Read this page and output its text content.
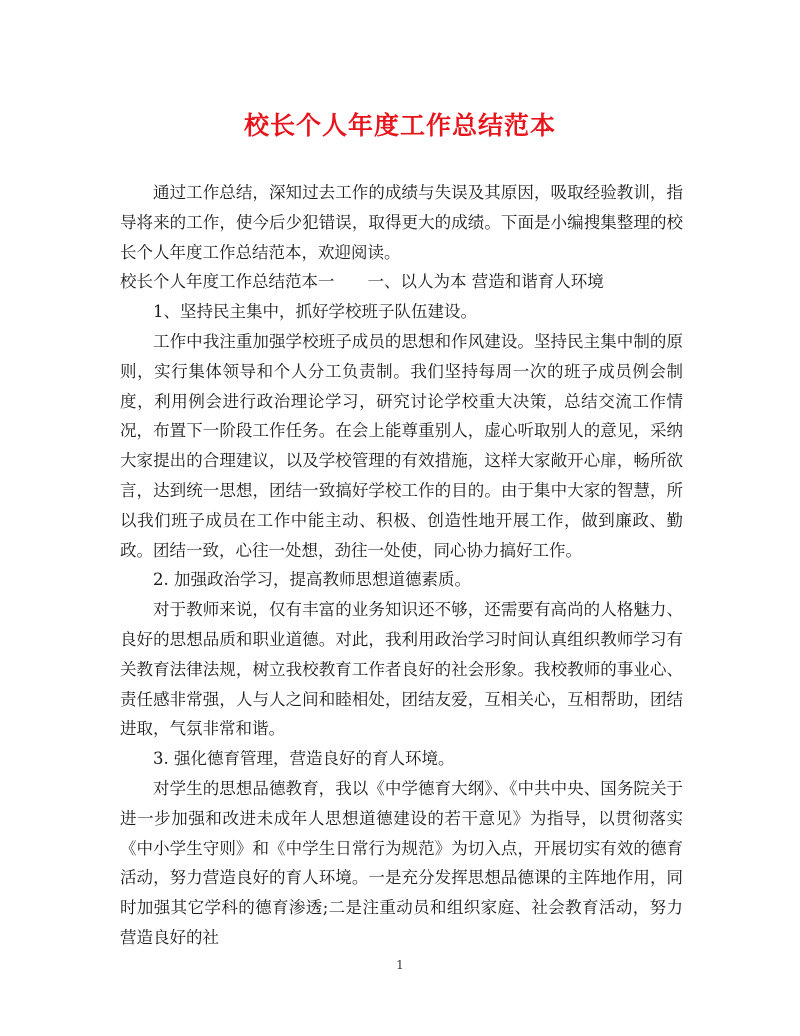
校长个人年度工作总结范本

通过工作总结，深知过去工作的成绩与失误及其原因，吸取经验教训，指导将来的工作，使今后少犯错误，取得更大的成绩。下面是小编搜集整理的校长个人年度工作总结范本，欢迎阅读。

校长个人年度工作总结范本一　　一、以人为本 营造和谐育人环境

1、坚持民主集中，抓好学校班子队伍建设。

工作中我注重加强学校班子成员的思想和作风建设。坚持民主集中制的原则，实行集体领导和个人分工负责制。我们坚持每周一次的班子成员例会制度，利用例会进行政治理论学习，研究讨论学校重大决策，总结交流工作情况，布置下一阶段工作任务。在会上能尊重别人，虚心听取别人的意见，采纳大家提出的合理建议，以及学校管理的有效措施，这样大家敞开心扉，畅所欲言，达到统一思想，团结一致搞好学校工作的目的。由于集中大家的智慧，所以我们班子成员在工作中能主动、积极、创造性地开展工作，做到廉政、勤政。团结一致，心往一处想，劲往一处使，同心协力搞好工作。

2. 加强政治学习，提高教师思想道德素质。

对于教师来说，仅有丰富的业务知识还不够，还需要有高尚的人格魅力、良好的思想品质和职业道德。对此，我利用政治学习时间认真组织教师学习有关教育法律法规，树立我校教育工作者良好的社会形象。我校教师的事业心、责任感非常强，人与人之间和睦相处，团结友爱，互相关心，互相帮助，团结进取，气氛非常和谐。

3. 强化德育管理，营造良好的育人环境。

对学生的思想品德教育，我以《中学德育大纲》、《中共中央、国务院关于进一步加强和改进未成年人思想道德建设的若干意见》为指导，以贯彻落实《中小学生守则》和《中学生日常行为规范》为切入点，开展切实有效的德育活动，努力营造良好的育人环境。一是充分发挥思想品德课的主阵地作用，同时加强其它学科的德育渗透;二是注重动员和组织家庭、社会教育活动，努力营造良好的社

1
